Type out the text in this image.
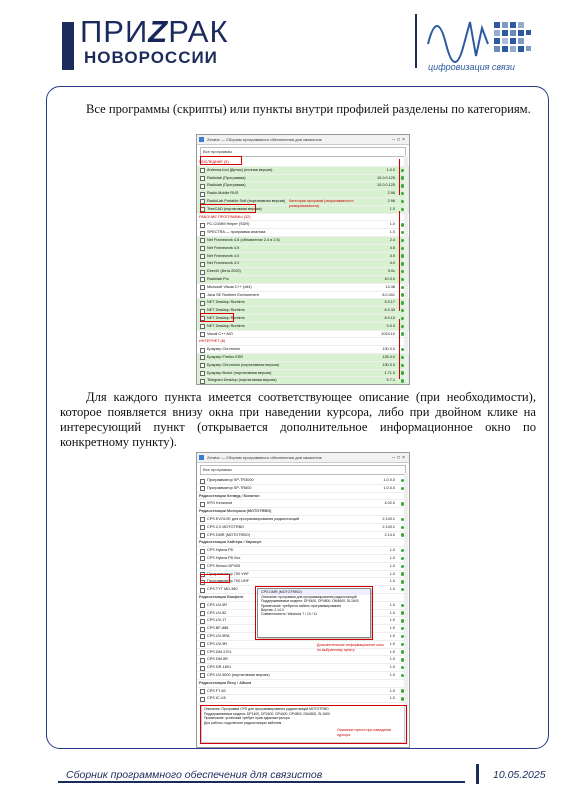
ПРИZРАК
НОВОРОССИИ	цифровизация связи
Все программы (скрипты) или пункты внутри профилей разделены по категориям.
Zerator — Сборник программного обеспечения для связистов	–□×
Все программы
ПОСЛЕДНИЕ (5)
Antenna-tool (Денис) (полная версия)	1.0.0
Radiolab (Программа)	10.0.0.125
Radiolab (Программа)	10.0.0.125
Radio-Mobile RUS	2.96
RadioLab Portable Soft (портативная версия)	2.96
TreeCAD (портативная версия)	1.0
РАБОЧИЕ ПРОГРАММЫ (32)
PC-COMM Helper (SDR)	1.0
SPECTRA — программа анализа	1.0
Net Framework 4.8 (обновление 2.4 и 2.5)	2.4
Net Framework 4.5	4.5
Net Framework 4.0	4.0
Net Framework 4.0	4.0
DirectX (Бета 2020)	9.0c
Radiolab Pro	10.0.0
Microsoft Visual C++ (x64)	14.38
Java SE Runtime Environment	8.0.401
NET Desktop Runtime	5.0.17
NET Desktop Runtime	6.0.33
NET Desktop Runtime	8.0.10
NET Desktop Runtime	9.0.0
Visual C++ AIO	2024.10
ИНТЕРНЕТ (8)
Браузер Chromium	130.0.0
Браузер Firefox ESR	128.4.0
Браузер Chromium (портативная версия)	130.0.0
Браузер Brave (портативная версия)	1.71.0
Telegram Desktop (портативная версия)	5.7.1
Категории программ (сворачиваются и разворачиваются)
Для каждого пункта имеется соответствующее описание (при необходимости), которое появляется внизу окна при наведении курсора, либо при двойном клике на интересующий пункт (открывается дополнительное информационное окно по конкретному пункту).
Zerator — Сборник программного обеспечения для связистов	–□×
Все программы
Программатор SP-TR3000	1.0.0.0
Программатор SP-TR800	1.0.0.0
Радиостанции Кенвуд / Бинатон
KPG Kenwood	4.02.0
Радиостанции Моторола (MOTOTRBO)
CPS EVOLVE для программирования радиостанций	2.140.1
CPS 2.0 MOTOTRBO	2.140.1
CPS DMR (MOTOTRBO)	2.14.0
Радиостанции Хайтера / Кирисун
CPS Hytera PD	1.0
CPS Hytera PD 5xx	1.0
CPS Kirisun DP405	1.0
Программатор 700 VHF	1.0
Программатор 700 UHF	1.0
CPS TYT MD-380	1.0
Радиостанции Баофенг
CPS UV-5R	1.0
CPS UV-82	1.0
CPS UV-17	1.0
CPS BF-888	1.0
CPS UV-5RA	1.0
CPS UV-9R	1.0
CPS DM-1701	1.0
CPS DM-5R	1.0
CPS DR-1801	1.0
CPS UV-5000 (портативная версия)	1.0
Радиостанции Йесу / Айком
CPS FT-60	1.0
CPS IC-V8	1.0
CPS DMR (MOTOTRBO)
Описание: программа для программирования радиостанций
Поддерживаемые модели: DP4400, DP4800, DM4600, SL1600
Примечание: требуется кабель программирования
Версия: 2.14.0
Совместимость: Windows 7 / 10 / 11
Дополнительное информационное окно по выбранному пункту
Описание: Программа CPS для программирования радиостанций MOTOTRBO
Поддерживаемые модели: DP1400, DP2400, DP4400, DP4800, DM4600, SL1600
Примечание: установка требует прав администратора
Для работы: подключите радиостанцию кабелем
Описание пункта при наведении курсора
Сборник программного обеспечения для связистов	10.05.2025
